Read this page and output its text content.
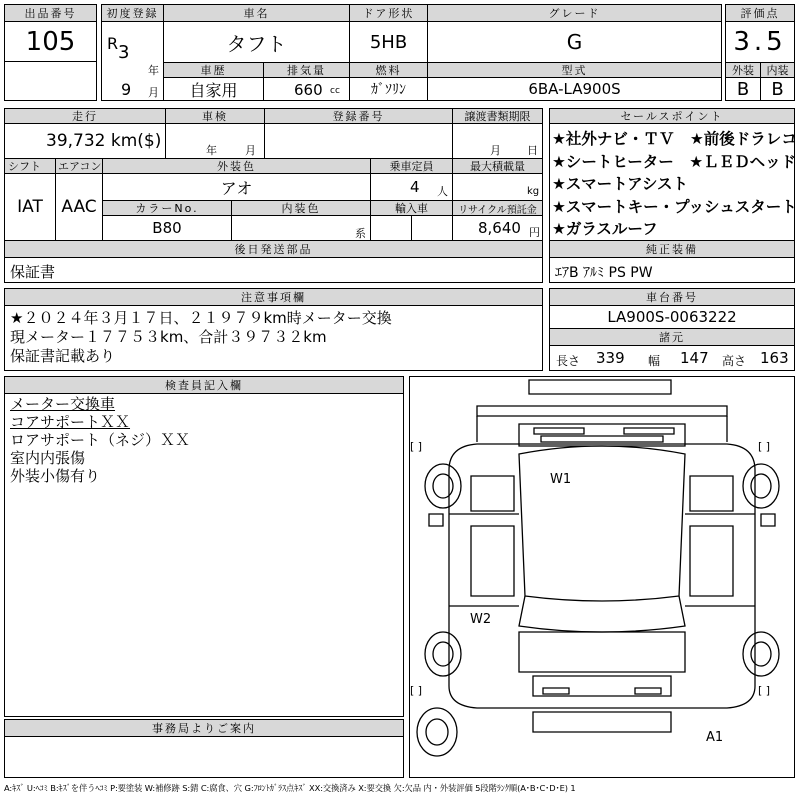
出品番号
105
初度登録
R 3
年
9 月
車名
タフト
ドア形状
5HB
グレード
G
車歴
自家用
排気量
660 cc
燃料
ｶﾞｿﾘﾝ
型式
6BA-LA900S
評価点
3.5
外装	内装
B	B
走行
39,732 km($)
車検
年	月
登録番号	譲渡書類期限
月 日
シフト
IAT
エアコン
AAC
外装色
アオ
乗車定員
4 人
最大積載量
kg
カラーNo.
B80
内装色
系
輸入車	リサイクル預託金
8,640 円
後日発送部品
保証書
セールスポイント
★社外ナビ・ＴＶ　★前後ドラレコ
★シートヒーター　★ＬＥＤヘッド
★スマートアシスト
★スマートキー・プッシュスタート
★ガラスルーフ
純正装備
ｴｱB ｱﾙﾐ PS PW
注意事項欄
★２０２４年３月１７日、２１９７９km時メーター交換
現メーター１７７５３km、合計３９７３２km
保証書記載あり
車台番号
LA900S-0063222
諸元
長さ 339 幅 147 高さ 163
検査員記入欄
メーター交換車
コアサポートＸＸ
ロアサポート（ネジ）ＸＸ
室内内張傷
外装小傷有り
事務局よりご案内
[ ]	[ ]
[ ]	[ ]
W1
W2
A1
A:ｷｽﾞ U:ﾍｺﾐ B:ｷｽﾞを伴うﾍｺﾐ P:要塗装 W:補修跡 S:錆 C:腐食、穴 G:ﾌﾛﾝﾄｶﾞﾗｽ点ｷｽﾞ XX:交換済み X:要交換 欠:欠品 内・外装評価 5段階ﾗﾝｸ順(A･B･C･D･E) 1
